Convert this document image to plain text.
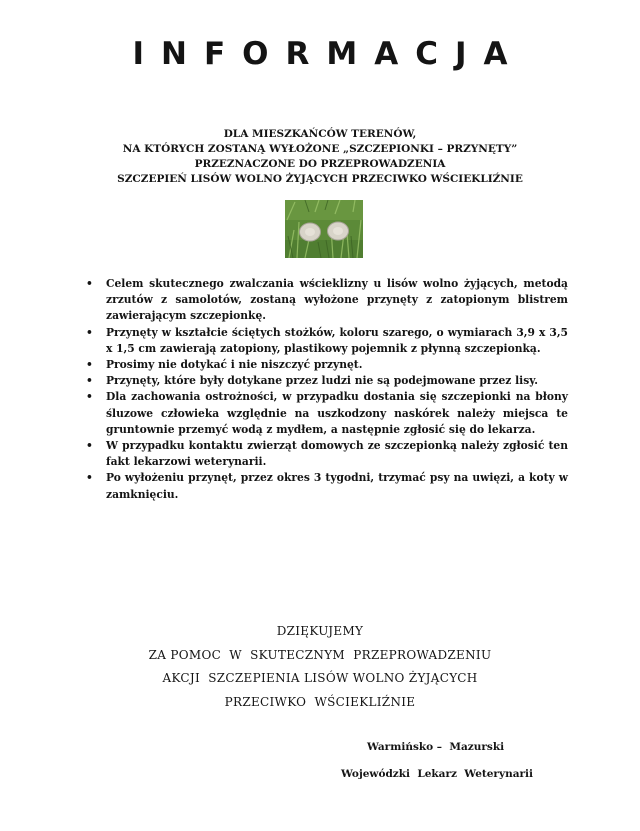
INFORMACJA
DLA MIESZKAŃCÓW TERENÓW,
NA KTÓRYCH ZOSTANĄ WYŁOŻONE „SZCZEPIONKI – PRZYNĘTY”
PRZEZNACZONE DO PRZEPROWADZENIA
SZCZEPIEŃ LISÓW WOLNO ŻYJĄCYCH PRZECIWKO WŚCIEKLIŹNIE
• Celem skutecznego zwalczania wścieklizny u lisów wolno żyjących, metodą zrzutów z samolotów, zostaną wyłożone przynęty z zatopionym blistrem zawierającym szczepionkę.
• Przynęty w kształcie ściętych stożków, koloru szarego, o wymiarach 3,9 x 3,5 x 1,5 cm zawierają zatopiony, plastikowy pojemnik z płynną szczepionką.
• Prosimy nie dotykać i nie niszczyć przynęt.
• Przynęty, które były dotykane przez ludzi nie są podejmowane przez lisy.
• Dla zachowania ostrożności, w przypadku dostania się szczepionki na błony śluzowe człowieka względnie na uszkodzony naskórek należy miejsca te gruntownie przemyć wodą z mydłem, a następnie zgłosić się do lekarza.
• W przypadku kontaktu zwierząt domowych ze szczepionką należy zgłosić ten fakt lekarzowi weterynarii.
• Po wyłożeniu przynęt, przez okres 3 tygodni, trzymać psy na uwięzi, a koty w zamknięciu.
DZIĘKUJEMY
ZA POMOC  W  SKUTECZNYM  PRZEPROWADZENIU
AKCJI  SZCZEPIENIA LISÓW WOLNO ŻYJĄCYCH
PRZECIWKO  WŚCIEKLIŹNIE
Warmińsko –  Mazurski
Wojewódzki  Lekarz  Weterynarii
